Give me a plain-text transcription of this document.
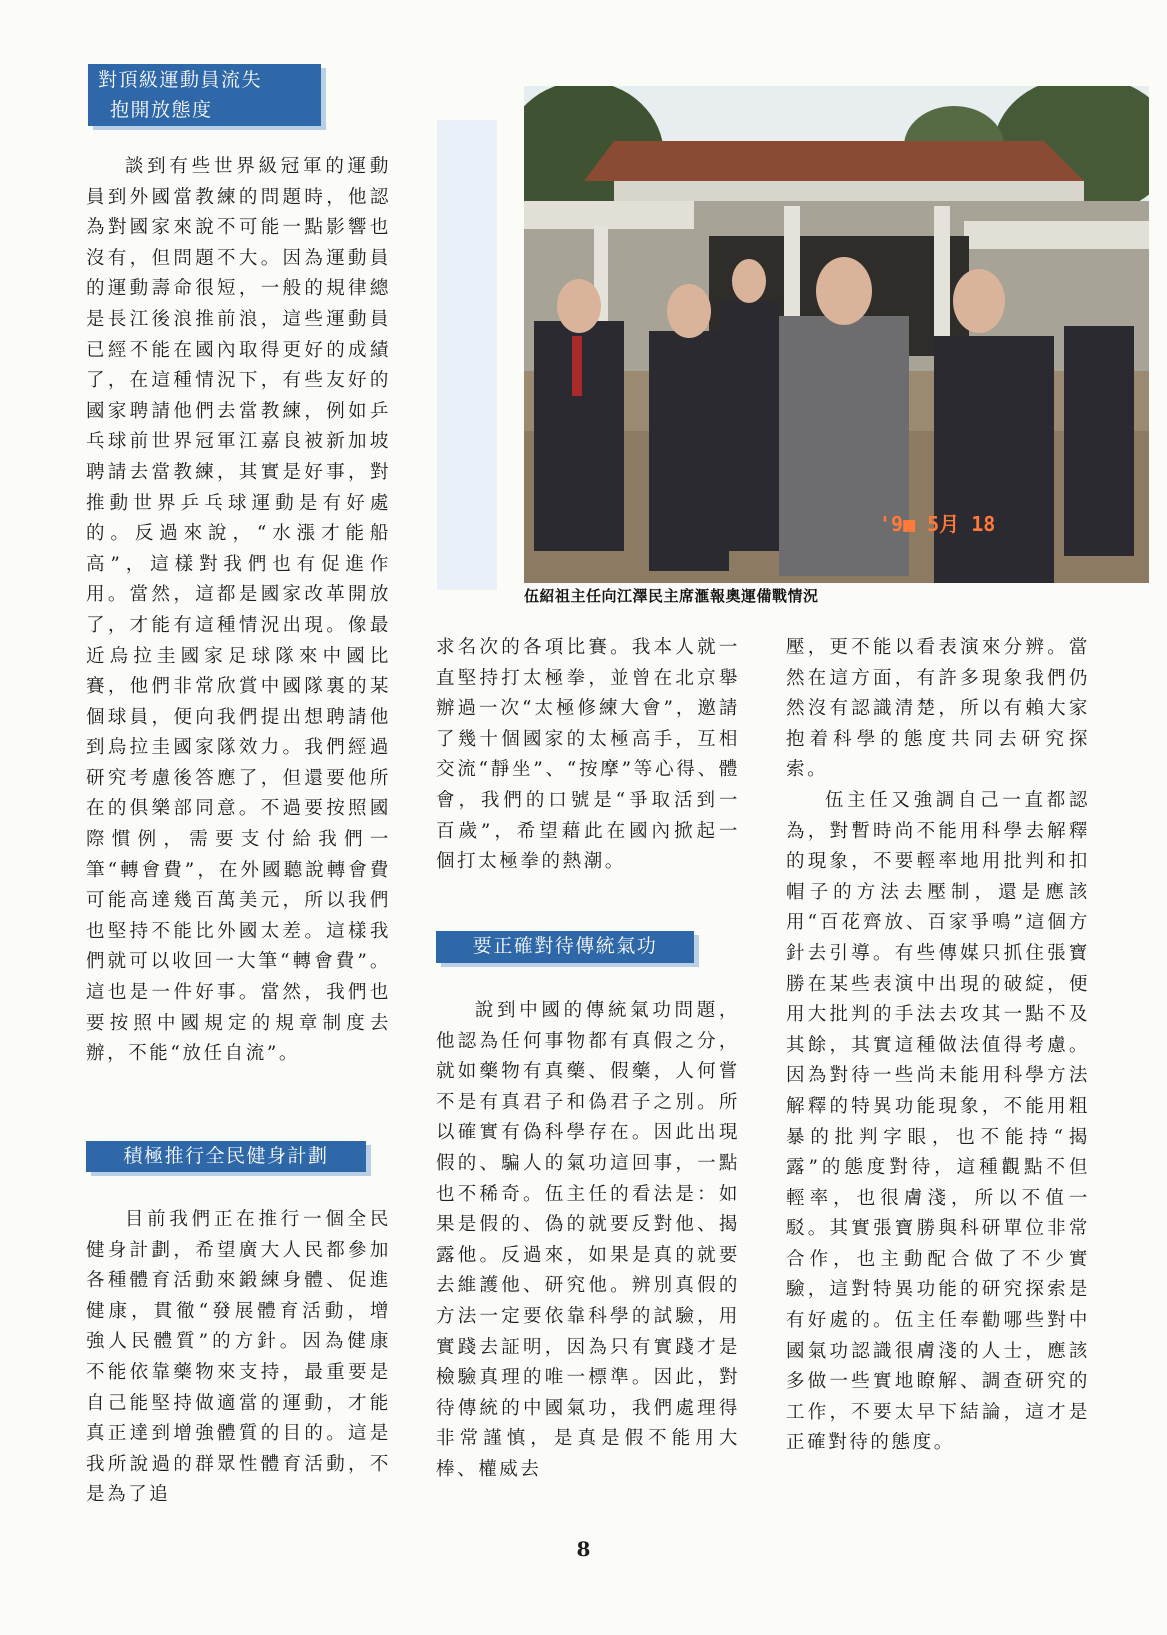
對頂級運動員流失
抱開放態度

談到有些世界級冠軍的運動員到外國當教練的問題時，他認為對國家來說不可能一點影響也沒有，但問題不大。因為運動員的運動壽命很短，一般的規律總是長江後浪推前浪，這些運動員已經不能在國內取得更好的成績了，在這種情況下，有些友好的國家聘請他們去當教練，例如乒乓球前世界冠軍江嘉良被新加坡聘請去當教練，其實是好事，對推動世界乒乓球運動是有好處的。反過來說，“水漲才能船高”，這樣對我們也有促進作用。當然，這都是國家改革開放了，才能有這種情況出現。像最近烏拉圭國家足球隊來中國比賽，他們非常欣賞中國隊裏的某個球員，便向我們提出想聘請他到烏拉圭國家隊效力。我們經過研究考慮後答應了，但還要他所在的俱樂部同意。不過要按照國際慣例，需要支付給我們一筆“轉會費”，在外國聽說轉會費可能高達幾百萬美元，所以我們也堅持不能比外國太差。這樣我們就可以收回一大筆“轉會費”。這也是一件好事。當然，我們也要按照中國規定的規章制度去辦，不能“放任自流”。

積極推行全民健身計劃

目前我們正在推行一個全民健身計劃，希望廣大人民都參加各種體育活動來鍛練身體、促進健康，貫徹“發展體育活動，增強人民體質”的方針。因為健康不能依靠藥物來支持，最重要是自己能堅持做適當的運動，才能真正達到增強體質的目的。這是我所說過的群眾性體育活動，不是為了追

'9■ 5月 18
伍紹祖主任向江澤民主席滙報奧運備戰情況

求名次的各項比賽。我本人就一直堅持打太極拳，並曾在北京舉辦過一次“太極修練大會”，邀請了幾十個國家的太極高手，互相交流“靜坐”、“按摩”等心得、體會，我們的口號是“爭取活到一百歲”，希望藉此在國內掀起一個打太極拳的熱潮。

要正確對待傳統氣功

說到中國的傳統氣功問題，他認為任何事物都有真假之分，就如藥物有真藥、假藥，人何嘗不是有真君子和偽君子之別。所以確實有偽科學存在。因此出現假的、騙人的氣功這回事，一點也不稀奇。伍主任的看法是：如果是假的、偽的就要反對他、揭露他。反過來，如果是真的就要去維護他、研究他。辨別真假的方法一定要依靠科學的試驗，用實踐去証明，因為只有實踐才是檢驗真理的唯一標準。因此，對待傳統的中國氣功，我們處理得非常謹慎，是真是假不能用大棒、權威去

壓，更不能以看表演來分辨。當然在這方面，有許多現象我們仍然沒有認識清楚，所以有賴大家抱着科學的態度共同去研究探索。

伍主任又強調自己一直都認為，對暫時尚不能用科學去解釋的現象，不要輕率地用批判和扣帽子的方法去壓制，還是應該用“百花齊放、百家爭鳴”這個方針去引導。有些傳媒只抓住張寶勝在某些表演中出現的破綻，便用大批判的手法去攻其一點不及其餘，其實這種做法值得考慮。因為對待一些尚未能用科學方法解釋的特異功能現象，不能用粗暴的批判字眼，也不能持“揭露”的態度對待，這種觀點不但輕率，也很膚淺，所以不值一駁。其實張寶勝與科研單位非常合作，也主動配合做了不少實驗，這對特異功能的研究探索是有好處的。伍主任奉勸哪些對中國氣功認識很膚淺的人士，應該多做一些實地瞭解、調查研究的工作，不要太早下結論，這才是正確對待的態度。

8
